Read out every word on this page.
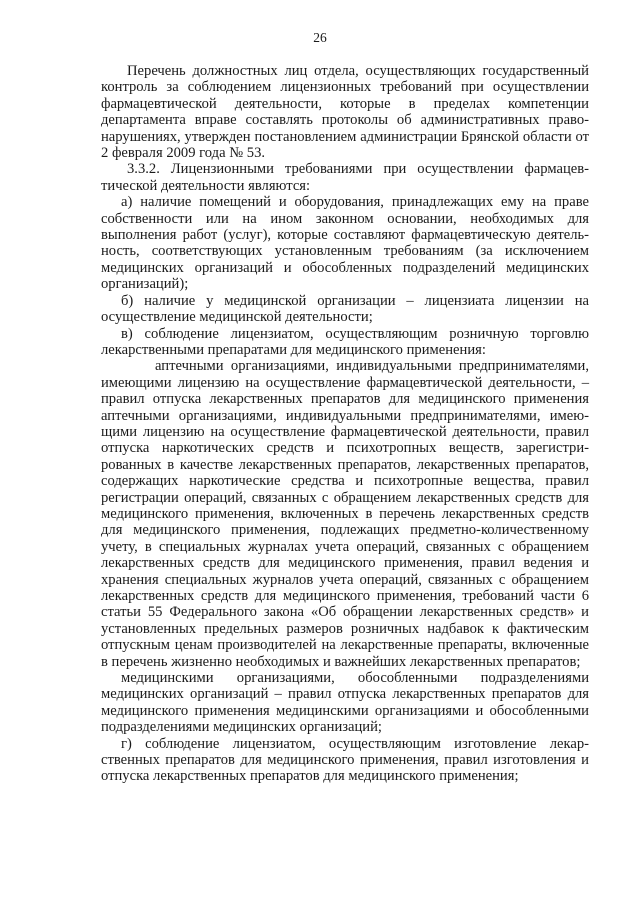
26

Перечень должностных лиц отдела, осуществляющих государственный контроль за соблюдением лицензионных требований при осуществлении фармацевтической деятельности, которые в пределах компетенции департамента вправе составлять протоколы об административных право-нарушениях, утвержден постановлением администрации Брянской области от 2 февраля 2009 года № 53.

3.3.2. Лицензионными требованиями при осуществлении фармацев-тической деятельности являются:

а) наличие помещений и оборудования, принадлежащих ему на праве собственности или на ином законном основании, необходимых для выполнения работ (услуг), которые составляют фармацевтическую деятель-ность, соответствующих установленным требованиям (за исключением медицинских организаций и обособленных подразделений медицинских организаций);

б) наличие у медицинской организации – лицензиата лицензии на осуществление медицинской деятельности;

в) соблюдение лицензиатом, осуществляющим розничную торговлю лекарственными препаратами для медицинского применения:

аптечными организациями, индивидуальными предпринимателями, имеющими лицензию на осуществление фармацевтической деятельности, – правил отпуска лекарственных препаратов для медицинского применения аптечными организациями, индивидуальными предпринимателями, имею-щими лицензию на осуществление фармацевтической деятельности, правил отпуска наркотических средств и психотропных веществ, зарегистри-рованных в качестве лекарственных препаратов, лекарственных препаратов, содержащих наркотические средства и психотропные вещества, правил регистрации операций, связанных с обращением лекарственных средств для медицинского применения, включенных в перечень лекарственных средств для медицинского применения, подлежащих предметно-количественному учету, в специальных журналах учета операций, связанных с обращением лекарственных средств для медицинского применения, правил ведения и хранения специальных журналов учета операций, связанных с обращением лекарственных средств для медицинского применения, требований части 6 статьи 55 Федерального закона «Об обращении лекарственных средств» и установленных предельных размеров розничных надбавок к фактическим отпускным ценам производителей на лекарственные препараты, включенные в перечень жизненно необходимых и важнейших лекарственных препаратов;

медицинскими организациями, обособленными подразделениями медицинских организаций – правил отпуска лекарственных препаратов для медицинского применения медицинскими организациями и обособленными подразделениями медицинских организаций;

г) соблюдение лицензиатом, осуществляющим изготовление лекар-ственных препаратов для медицинского применения, правил изготовления и отпуска лекарственных препаратов для медицинского применения;
